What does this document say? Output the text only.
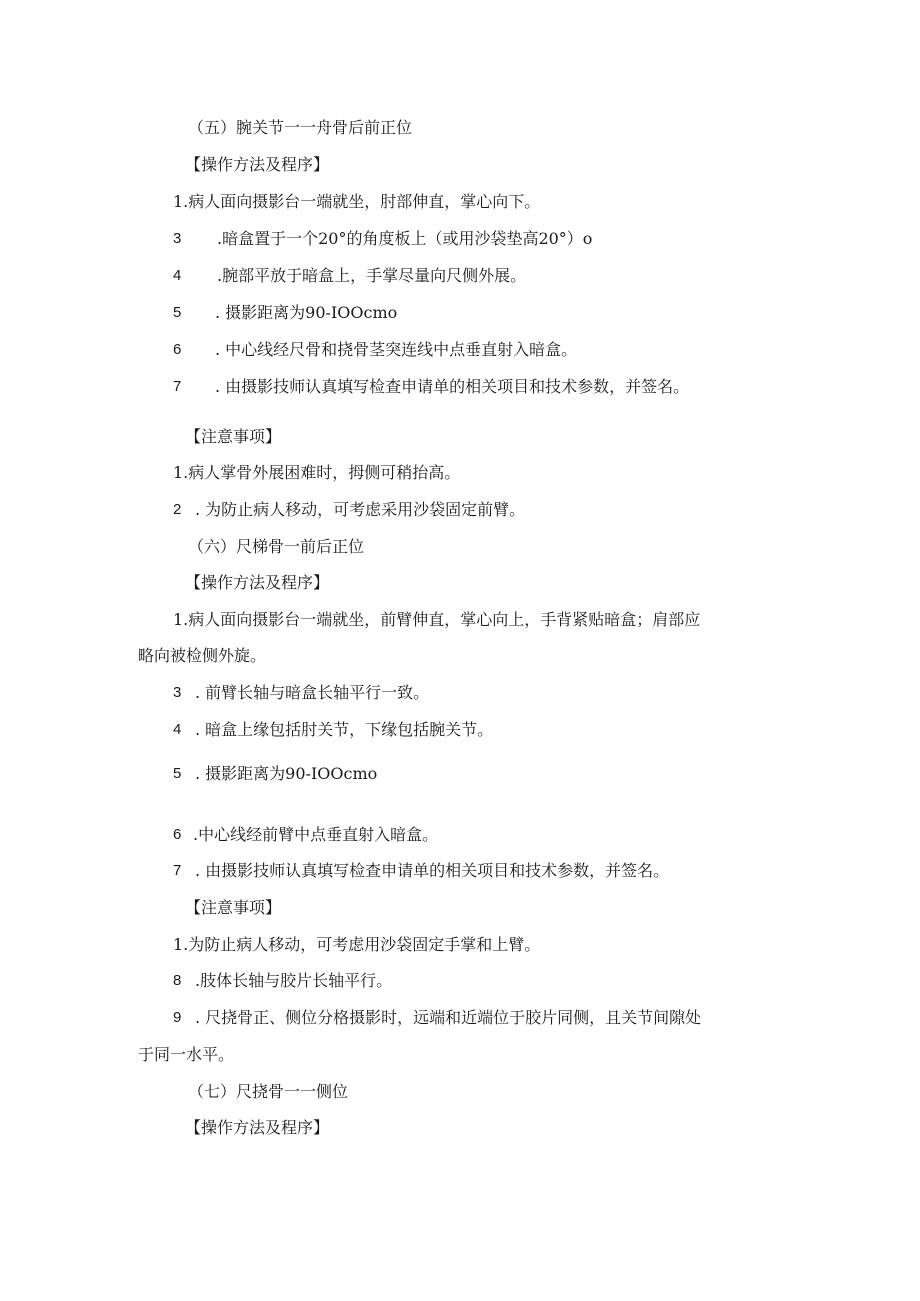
（五）腕关节一一舟骨后前正位
【操作方法及程序】
1.病人面向摄影台一端就坐，肘部伸直，掌心向下。
3 .暗盒置于一个20°的角度板上（或用沙袋垫高20°）o
4 .腕部平放于暗盒上，手掌尽量向尺侧外展。
5 . 摄影距离为90-IOOcmo
6 . 中心线经尺骨和挠骨茎突连线中点垂直射入暗盒。
7 . 由摄影技师认真填写检查申请单的相关项目和技术参数，并签名。
【注意事项】
1.病人掌骨外展困难时，拇侧可稍抬高。
2 . 为防止病人移动，可考虑采用沙袋固定前臂。
（六）尺梯骨一前后正位
【操作方法及程序】
1.病人面向摄影台一端就坐，前臂伸直，掌心向上，手背紧贴暗盒；肩部应
略向被检侧外旋。
3 . 前臂长轴与暗盒长轴平行一致。
4 . 暗盒上缘包括肘关节，下缘包括腕关节。
5 . 摄影距离为90-IOOcmo
6 .中心线经前臂中点垂直射入暗盒。
7 . 由摄影技师认真填写检查申请单的相关项目和技术参数，并签名。
【注意事项】
1.为防止病人移动，可考虑用沙袋固定手掌和上臂。
8 .肢体长轴与胶片长轴平行。
9 . 尺挠骨正、侧位分格摄影时，远端和近端位于胶片同侧，且关节间隙处
于同一水平。
（七）尺挠骨一一侧位
【操作方法及程序】
